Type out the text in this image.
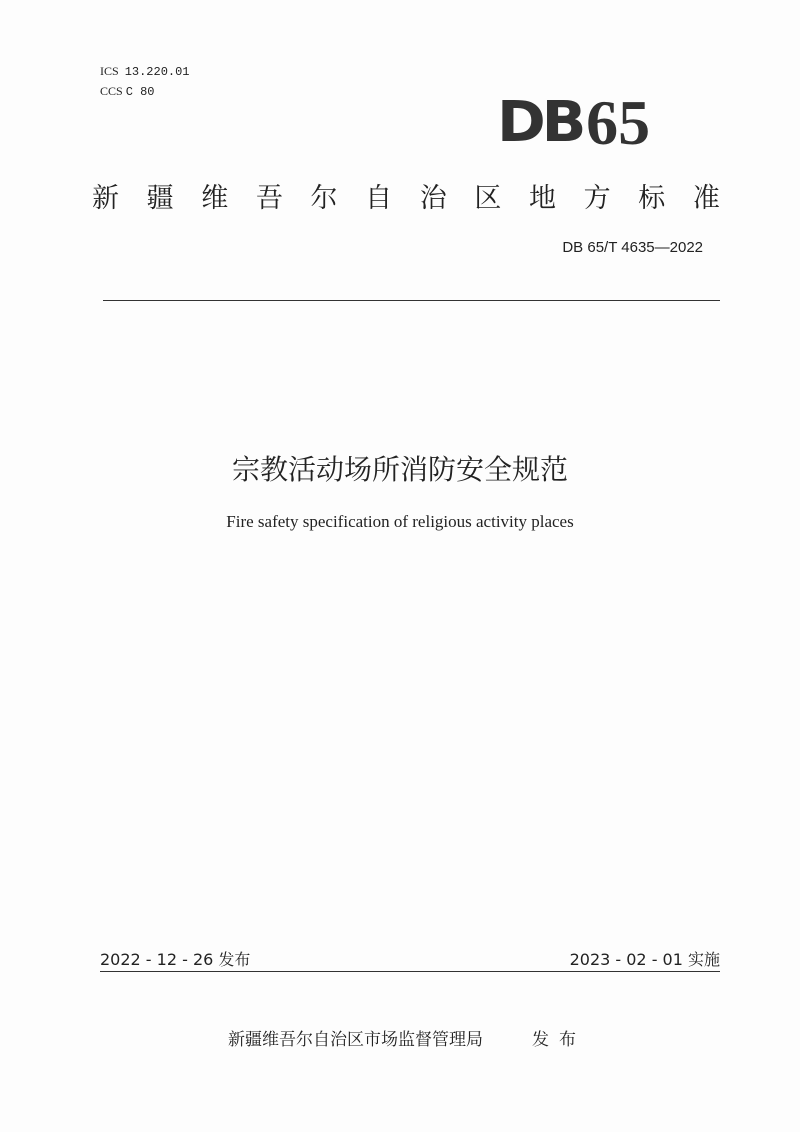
ICS 13.220.01
CCS C 80	DB 65
新 疆 维 吾 尔 自 治 区 地 方 标 准
DB 65/T 4635—2022
宗教活动场所消防安全规范
Fire safety specification of religious activity places
2022 - 12 - 26 发布	2023 - 02 - 01 实施
新疆维吾尔自治区市场监督管理局	发布
